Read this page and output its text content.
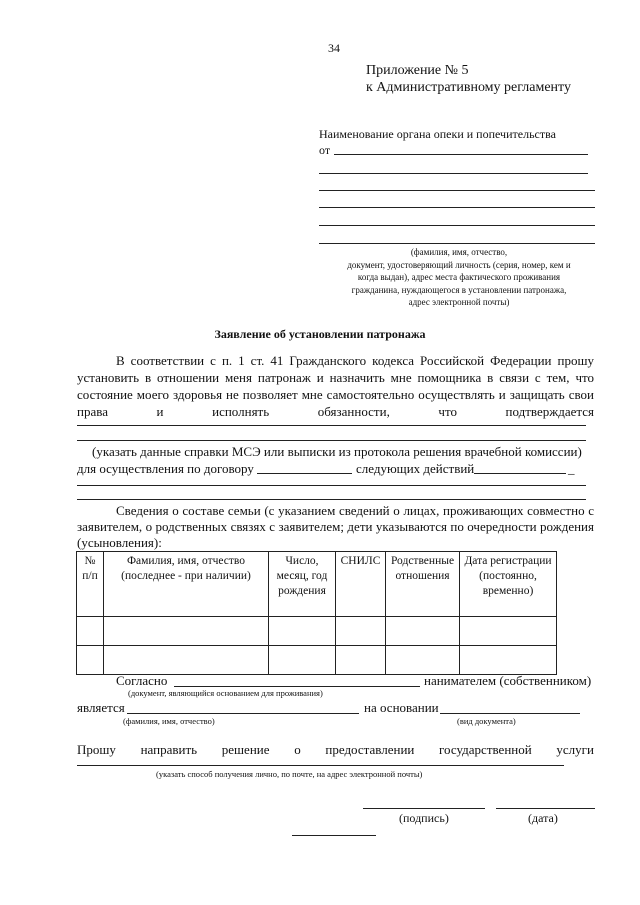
34
Приложение № 5
к Административному регламенту
Наименование органа опеки и попечительства
от
(фамилия, имя, отчество,
документ, удостоверяющий личность (серия, номер, кем и
когда выдан), адрес места фактического проживания
гражданина, нуждающегося в установлении патронажа,
адрес электронной почты)
Заявление об установлении патронажа
В соответствии с п. 1 ст. 41 Гражданского кодекса Российской Федерации прошу
установить в отношении меня патронаж и назначить мне помощника в связи с тем, что
состояние моего здоровья не позволяет мне самостоятельно осуществлять и защищать свои
права и исполнять обязанности, что подтверждается
(указать данные справки МСЭ или выписки из протокола решения врачебной комиссии)
для осуществления по договору	следующих действий	_
Сведения о составе семьи (с указанием сведений о лицах, проживающих совместно с
заявителем, о родственных связях с заявителем; дети указываются по очередности рождения
(усыновления):
№ п/п	Фамилия, имя, отчество (последнее - при наличии)	Число, месяц, год рождения	СНИЛС	Родственные отношения	Дата регистрации (постоянно, временно)

Согласно	нанимателем (собственником)
(документ, являющийся основанием для проживания)
является	на основании
(фамилия, имя, отчество)	(вид документа)
Прошу направить решение о предоставлении государственной услуги
(указать способ получения лично, по почте, на адрес электронной почты)
(подпись)	(дата)
